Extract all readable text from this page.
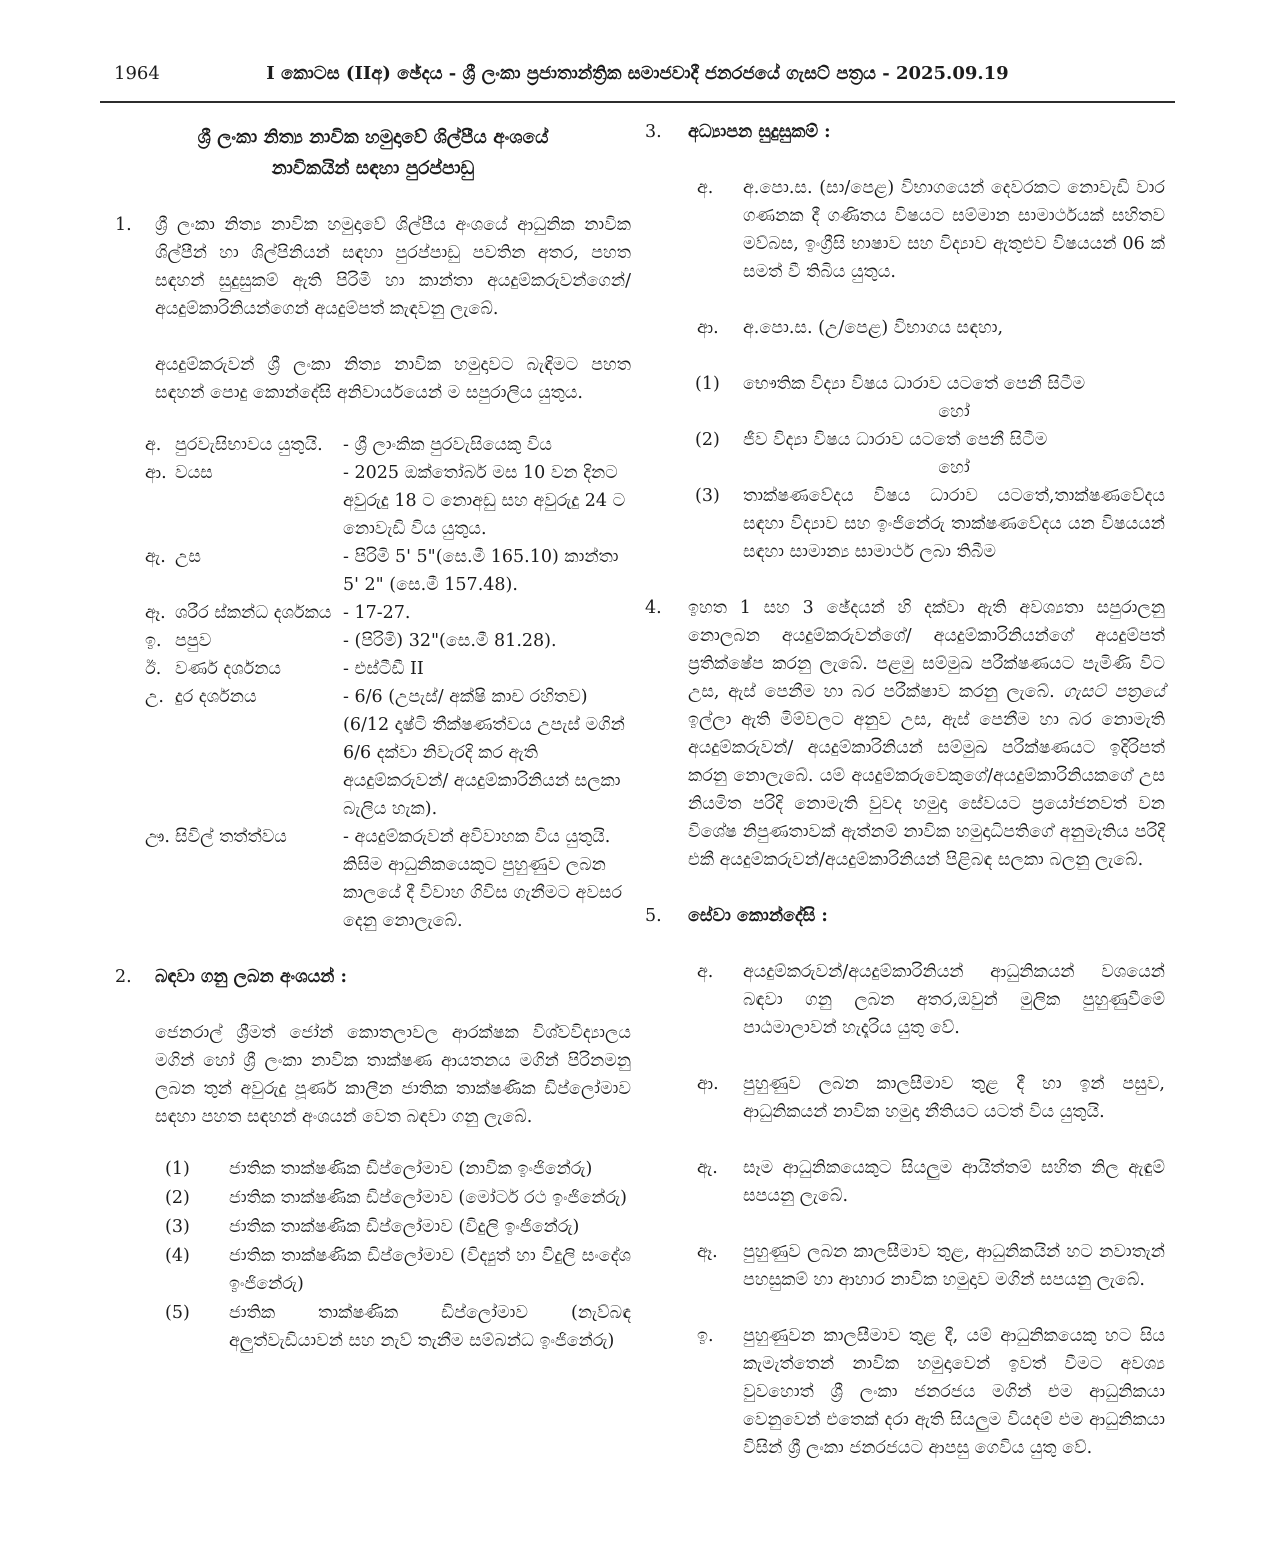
1964	I කොටස (IIඅ) ඡේදය - ශ්‍රී ලංකා ප්‍රජාතාන්ත්‍රික සමාජවාදී ජනරජයේ ගැසට් පත්‍රය - 2025.09.19
ශ්‍රී ලංකා නිත්‍ය නාවික හමුදාවේ ශිල්පීය අංශයේ
නාවිකයින් සඳහා පුරප්පාඩු
1.	ශ්‍රී ලංකා නිත්‍ය නාවික හමුදාවේ ශිල්පීය අංශයේ ආධුනික නාවික ශිල්පීන් හා ශිල්පිනියන් සඳහා පුරප්පාඩු පවතින අතර, පහත සඳහන් සුදුසුකම් ඇති පිරිමි හා කාන්තා අයදුම්කරුවන්ගෙන්/ අයදුම්කාරිනියන්ගෙන් අයදුම්පත් කැඳවනු ලැබේ.
අයදුම්කරුවන් ශ්‍රී ලංකා නිත්‍ය නාවික හමුදාවට බැඳිමට පහත සඳහන් පොදු කොන්දේසි අනිවාර්යයෙන් ම සපුරාලිය යුතුය.
අ. පුරවැසිභාවය යුතුයි.	- ශ්‍රී ලාංකික පුරවැසියෙකු විය
ආ. වයස	- 2025 ඔක්තෝබර් මස 10 වන දිනට අවුරුදු 18 ට නොඅඩු සහ අවුරුදු 24 ට නොවැඩි විය යුතුය.
ඇ. උස	- පිරිමි 5' 5"(සෙ.මී 165.10) කාන්තා 5' 2" (සෙ.මී 157.48).
ඈ. ශරීර ස්කන්ධ දර්ශකය - 17-27.
ඉ. පපුව	- (පිරිමි) 32"(සෙ.මී 81.28).
ඊ. වර්ණ දර්ශනය	- එස්ටීඩී II
උ. දුර දර්ශනය	- 6/6 (උපැස්/ අක්ෂි කාච රහිතව) (6/12 දෘෂ්ටි තීක්ෂණත්වය උපැස් මගින් 6/6 දක්වා නිවැරදි කර ඇති අයදුම්කරුවන්/ අයදුම්කාරිනියන් සලකා බැලිය හැක).
ඌ. සිවිල් තත්ත්වය	- අයදුම්කරුවන් අවිවාහක විය යුතුයි. කිසිම ආධුනිකයෙකුට පුහුණුව ලබන කාලයේ දී විවාහ ගිවිස ගැනීමට අවසර දෙනු නොලැබේ.
2.	බඳවා ගනු ලබන අංශයන් :
ජෙනරාල් ශ්‍රීමත් ජෝන් කොතලාවල ආරක්ෂක විශ්වවිද්‍යාලය මගින් හෝ ශ්‍රී ලංකා නාවික තාක්ෂණ ආයතනය මගින් පිරිනමනු ලබන තුන් අවුරුදු පූර්ණ කාලීන ජාතික තාක්ෂණික ඩිප්ලෝමාව සඳහා පහත සඳහන් අංශයන් වෙත බඳවා ගනු ලැබේ.
(1)	ජාතික තාක්ෂණික ඩිප්ලෝමාව (නාවික ඉංජිනේරු)
(2)	ජාතික තාක්ෂණික ඩිප්ලෝමාව (මෝටර් රථ ඉංජිනේරු)
(3)	ජාතික තාක්ෂණික ඩිප්ලෝමාව (විදුලි ඉංජිනේරු)
(4)	ජාතික තාක්ෂණික ඩිප්ලෝමාව (විද්‍යුත් හා විදුලි සංදේශ ඉංජිනේරු)
(5)	ජාතික තාක්ෂණික ඩිප්ලෝමාව (නැව්බඳ අලුත්වැඩියාවන් සහ නැව් තැනීම සම්බන්ධ ඉංජිනේරු)
3.	අධ්‍යාපන සුදුසුකම් :
අ.	අ.පො.ස. (සා/පෙළ) විභාගයෙන් දෙවරකට නොවැඩි වාර ගණනක දී ගණිතය විෂයට සම්මාන සාමාර්ථයක් සහිතව මව්බස, ඉංග්‍රීසි භාෂාව සහ විද්‍යාව ඇතුළුව විෂයයන් 06 ක් සමත් වී තිබිය යුතුය.
ආ.	අ.පො.ස. (උ/පෙළ) විභාගය සඳහා,
(1)	භෞතික විද්‍යා විෂය ධාරාව යටතේ පෙනී සිටීම
හෝ
(2)	ජීව විද්‍යා විෂය ධාරාව යටතේ පෙනී සිටීම
හෝ
(3)	තාක්ෂණවේදය විෂය ධාරාව යටතේ,තාක්ෂණවේදය සඳහා විද්‍යාව සහ ඉංජිනේරු තාක්ෂණවේදය යන විෂයයන් සඳහා සාමාන්‍ය සාමාර්ථ ලබා තිබීම
4.	ඉහත 1 සහ 3 ඡේදයන් හි දක්වා ඇති අවශ්‍යතා සපුරාලනු නොලබන අයදුම්කරුවන්ගේ/ අයදුම්කාරිනියන්ගේ අයදුම්පත් ප්‍රතික්ෂේප කරනු ලැබේ. පළමු සම්මුඛ පරීක්ෂණයට පැමිණි විට උස, ඇස් පෙනීම හා බර පරීක්ෂාව කරනු ලැබේ. ගැසට් පත්‍රයේ ඉල්ලා ඇති මිම්වලට අනුව උස, ඇස් පෙනීම හා බර නොමැති අයදුම්කරුවන්/ අයදුම්කාරිනියන් සම්මුඛ පරීක්ෂණයට ඉදිරිපත් කරනු නොලැබේ. යම් අයදුම්කරුවෙකුගේ/අයදුම්කාරිනියකගේ උස නියමිත පරිදි නොමැති වුවද හමුදා සේවයට ප්‍රයෝජනවත් වන විශේෂ නිපුණතාවක් ඇත්නම් නාවික හමුදාධිපතිගේ අනුමැතිය පරිදි එකී අයදුම්කරුවන්/අයදුම්කාරිනියන් පිළිබඳ සලකා බලනු ලැබේ.
5.	සේවා කොන්දේසි :
අ.	අයදුම්කරුවන්/අයදුම්කාරිනියන් ආධුනිකයන් වශයෙන් බඳවා ගනු ලබන අතර,ඔවුන් මුලික පුහුණුවීමේ පාඨමාලාවන් හැදෑරිය යුතු වේ.
ආ.	පුහුණුව ලබන කාලසීමාව තුළ දී හා ඉන් පසුව, ආධුනිකයන් නාවික හමුදා නීතියට යටත් විය යුතුයි.
ඇ.	සෑම ආධුනිකයෙකුට සියලුම ආයිත්තම් සහිත නිල ඇඳුම් සපයනු ලැබේ.
ඈ.	පුහුණුව ලබන කාලසීමාව තුළ, ආධුනිකයින් හට නවාතැන් පහසුකම් හා ආහාර නාවික හමුදාව මගින් සපයනු ලැබේ.
ඉ.	පුහුණුවන කාලසීමාව තුළ දී, යම් ආධුනිකයෙකු හට සිය කැමැත්තෙන් නාවික හමුදාවෙන් ඉවත් වීමට අවශ්‍ය වුවහොත් ශ්‍රී ලංකා ජනරජය මගින් එම ආධුනිකයා වෙනුවෙන් එතෙක් දරා ඇති සියලුම වියදම් එම ආධුනිකයා විසින් ශ්‍රී ලංකා ජනරජයට ආපසු ගෙවිය යුතු වේ.
